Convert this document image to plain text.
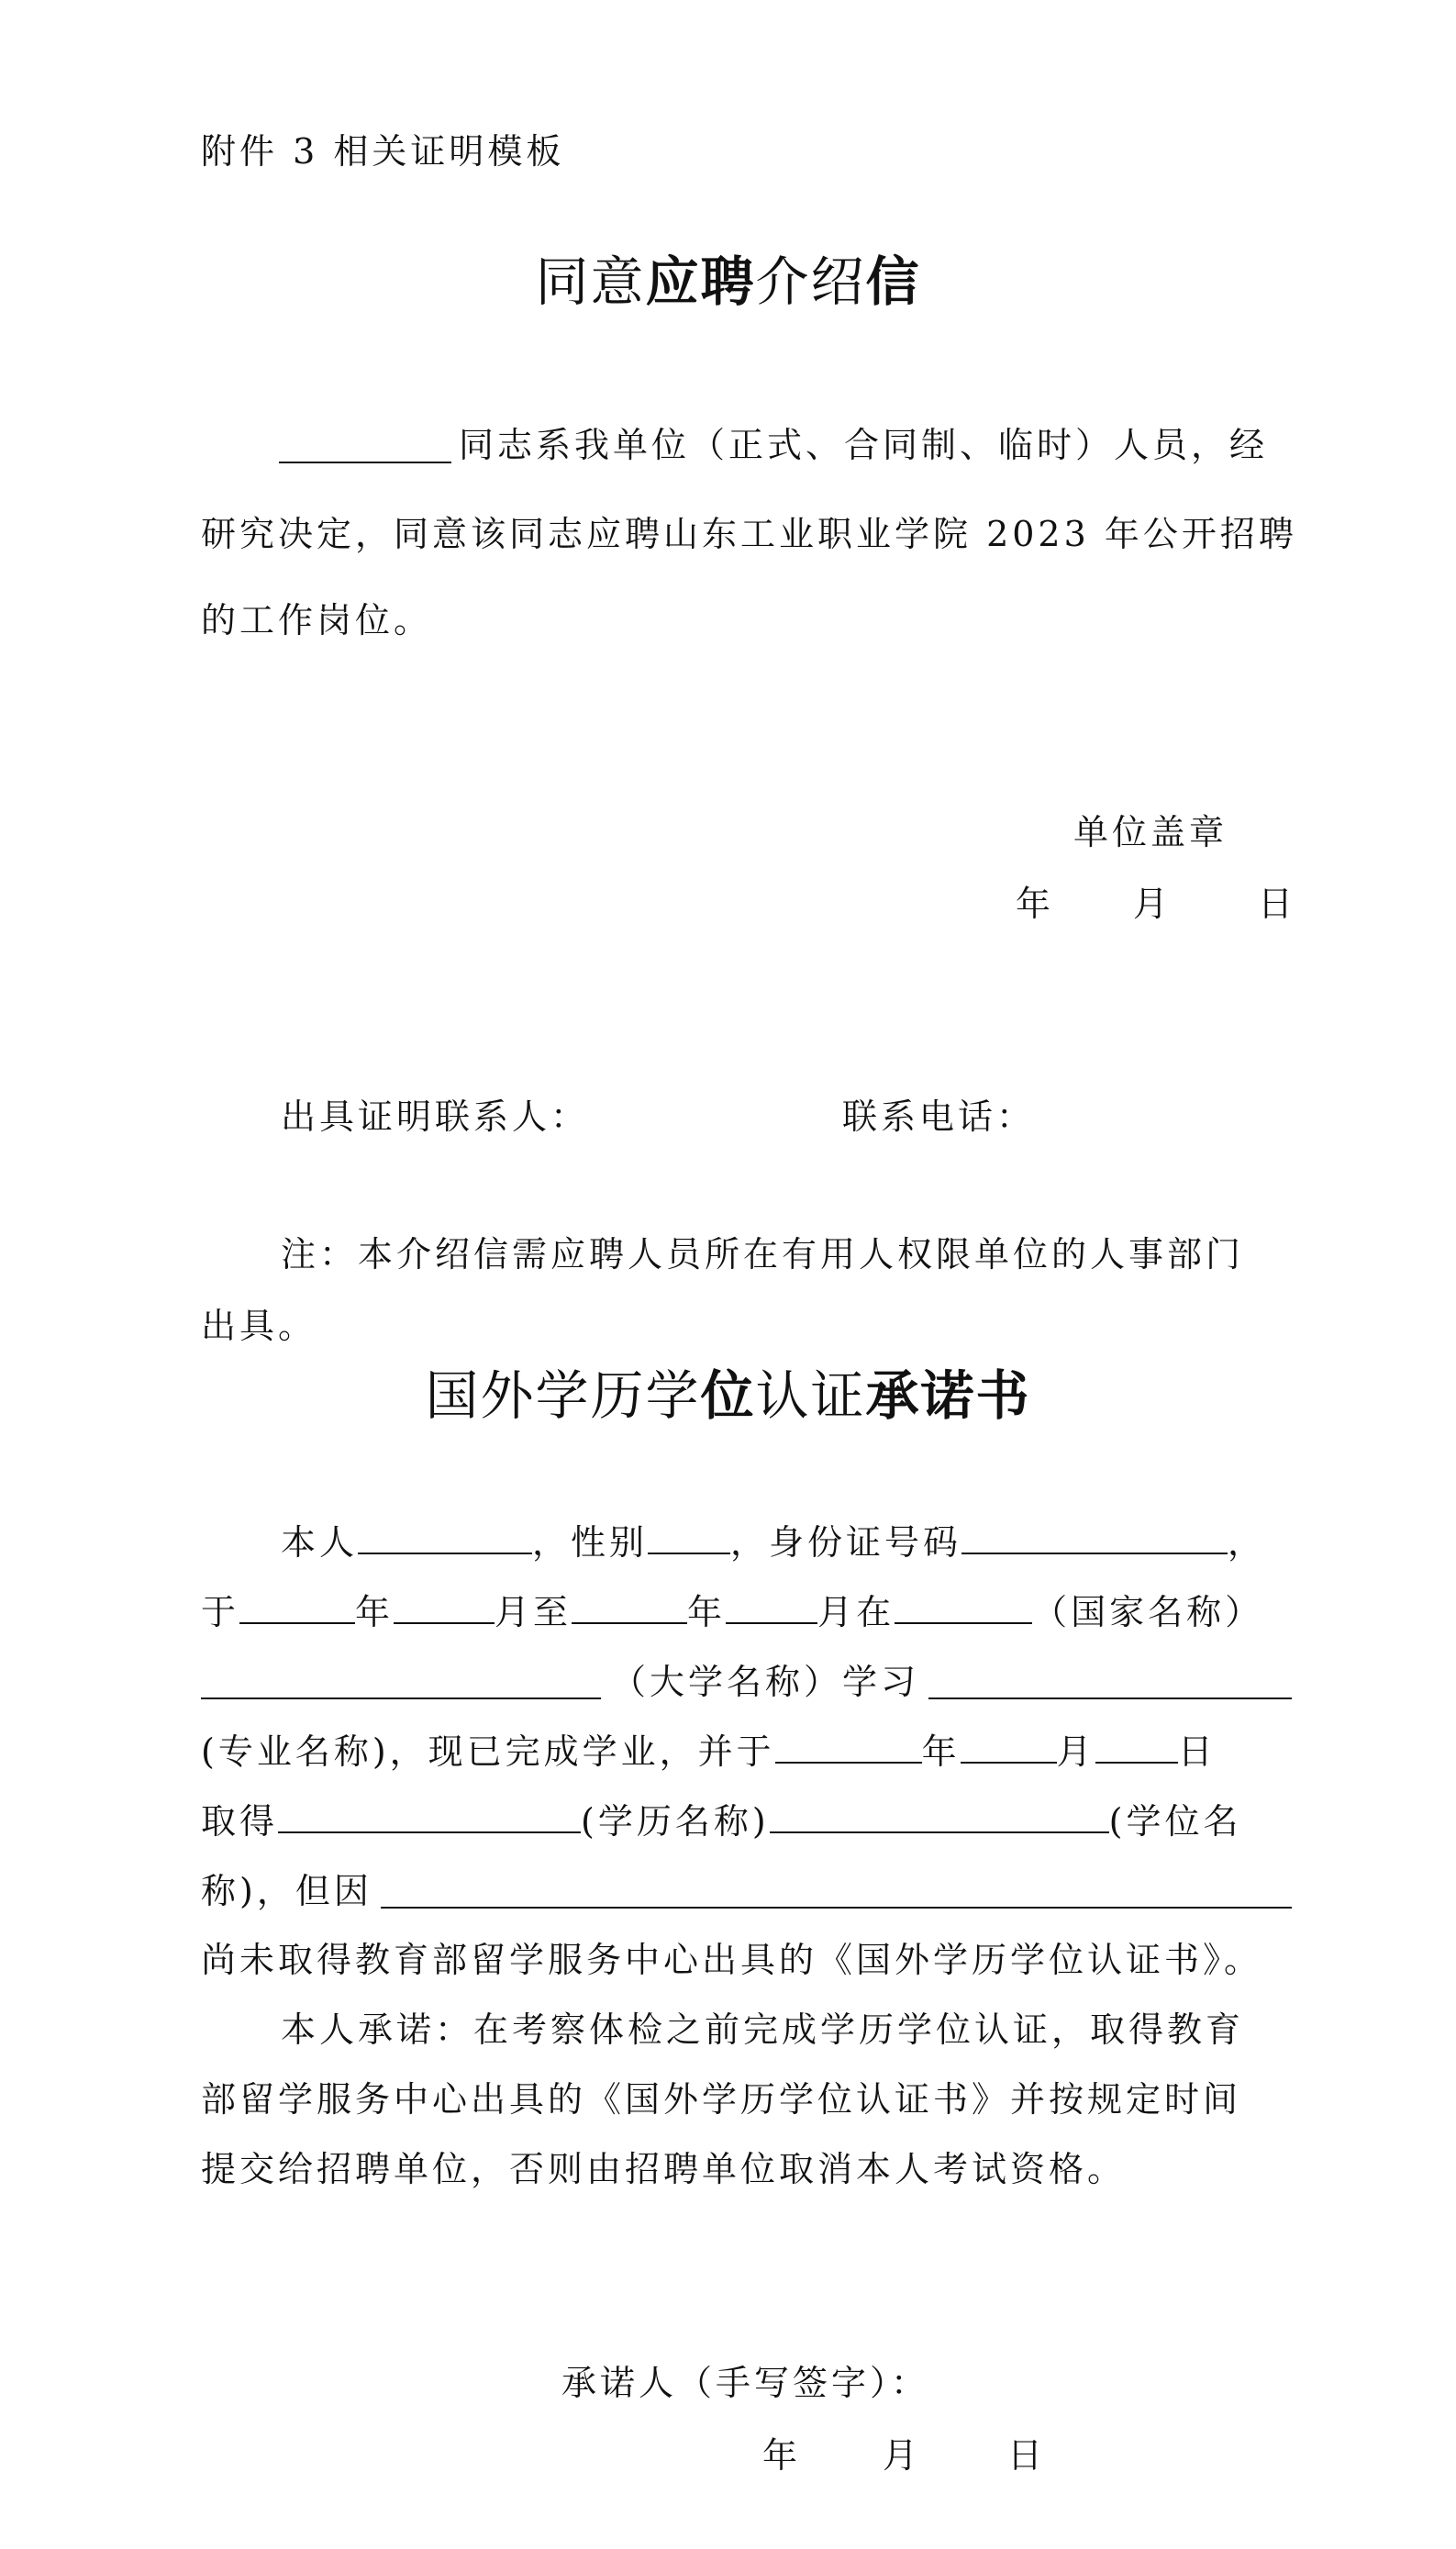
附件 3 相关证明模板
同意应聘介绍信
同志系我单位（正式、合同制、临时）人员，经
研究决定，同意该同志应聘山东工业职业学院 2023 年公开招聘
的工作岗位。
单位盖章
年 月 日
出具证明联系人：	联系电话：
注：本介绍信需应聘人员所在有用人权限单位的人事部门
出具。
国外学历学位认证承诺书
本人	，性别 ，身份证号码	，
于	年	月至	年	月在	（国家名称）
（大学名称）学习
(专业名称)，现已完成学业，并于	年	月 日
取得	(学历名称)	(学位名
称)，但因
尚未取得教育部留学服务中心出具的《国外学历学位认证书》。
本人承诺：在考察体检之前完成学历学位认证，取得教育
部留学服务中心出具的《国外学历学位认证书》并按规定时间
提交给招聘单位，否则由招聘单位取消本人考试资格。
承诺人（手写签字）：
年 月 日
